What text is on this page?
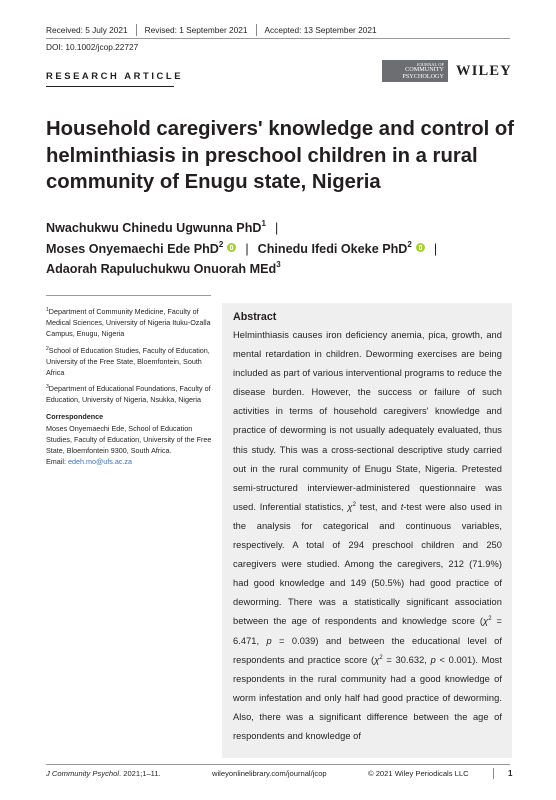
Received: 5 July 2021 Revised: 1 September 2021 Accepted: 13 September 2021
DOI: 10.1002/jcop.22727
RESEARCH ARTICLE
JOURNAL OF
COMMUNITY
PSYCHOLOGY WILEY
Household caregivers' knowledge and control of helminthiasis in preschool children in a rural community of Enugu state, Nigeria
Nwachukwu Chinedu Ugwunna PhD$^1$ |
Moses Onyemaechi Ede PhD$^2$ | Chinedu Ifedi Okeke PhD$^2$ |
Adaorah Rapuluchukwu Onuorah MEd$^3$

$^1$Department of Community Medicine, Faculty of Medical Sciences, University of Nigeria Ituku-Ozalla Campus, Enugu, Nigeria

$^2$School of Education Studies, Faculty of Education, University of the Free State, Bloemfontein, South Africa

$^3$Department of Educational Foundations, Faculty of Education, University of Nigeria, Nsukka, Nigeria

Correspondence
Moses Onyemaechi Ede, School of Education Studies, Faculty of Education, University of the Free State, Bloemfontein 9300, South Africa.
Email: edeh.mo@ufs.ac.za
Abstract

Helminthiasis causes iron deficiency anemia, pica, growth, and mental retardation in children. Deworming exercises are being included as part of various interventional programs to reduce the disease burden. However, the success or failure of such activities in terms of household caregivers' knowledge and practice of deworming is not usually adequately evaluated, thus this study. This was a cross-sectional descriptive study carried out in the rural community of Enugu State, Nigeria. Pretested semi-structured interviewer-administered questionnaire was used. Inferential statistics, $\chi^2$ test, and t-test were also used in the analysis for categorical and continuous variables, respectively. A total of 294 preschool children and 250 caregivers were studied. Among the caregivers, 212 (71.9%) had good knowledge and 149 (50.5%) had good practice of deworming. There was a statistically significant association between the age of respondents and knowledge score ($\chi^2 = 6.471$, p = 0.039) and between the educational level of respondents and practice score ($\chi^2 = 30.632$, p < 0.001). Most respondents in the rural community had a good knowledge of worm infestation and only half had good practice of deworming. Also, there was a significant difference between the age of respondents and knowledge of

J Community Psychol. 2021;1–11.	wileyonlinelibrary.com/journal/jcop	© 2021 Wiley Periodicals LLC	1
